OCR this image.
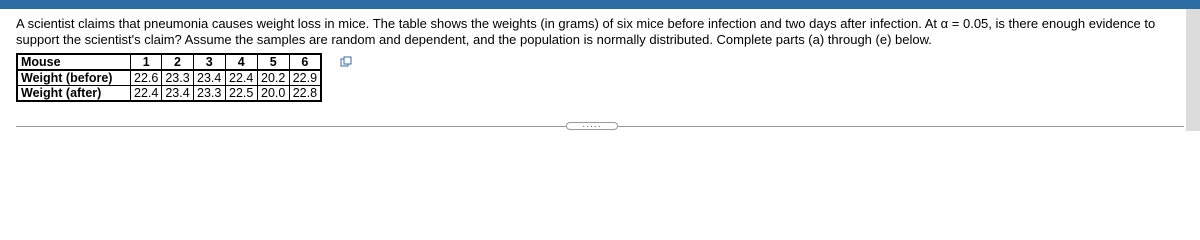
A scientist claims that pneumonia causes weight loss in mice. The table shows the weights (in grams) of six mice before infection and two days after infection. At α = 0.05, is there enough evidence to support the scientist's claim? Assume the samples are random and dependent, and the population is normally distributed. Complete parts (a) through (e) below.

Mouse	1	2	3	4	5	6
Weight (before)	22.6	23.3	23.4	22.4	20.2	22.9
Weight (after)	22.4	23.4	23.3	22.5	20.0	22.8
.....
